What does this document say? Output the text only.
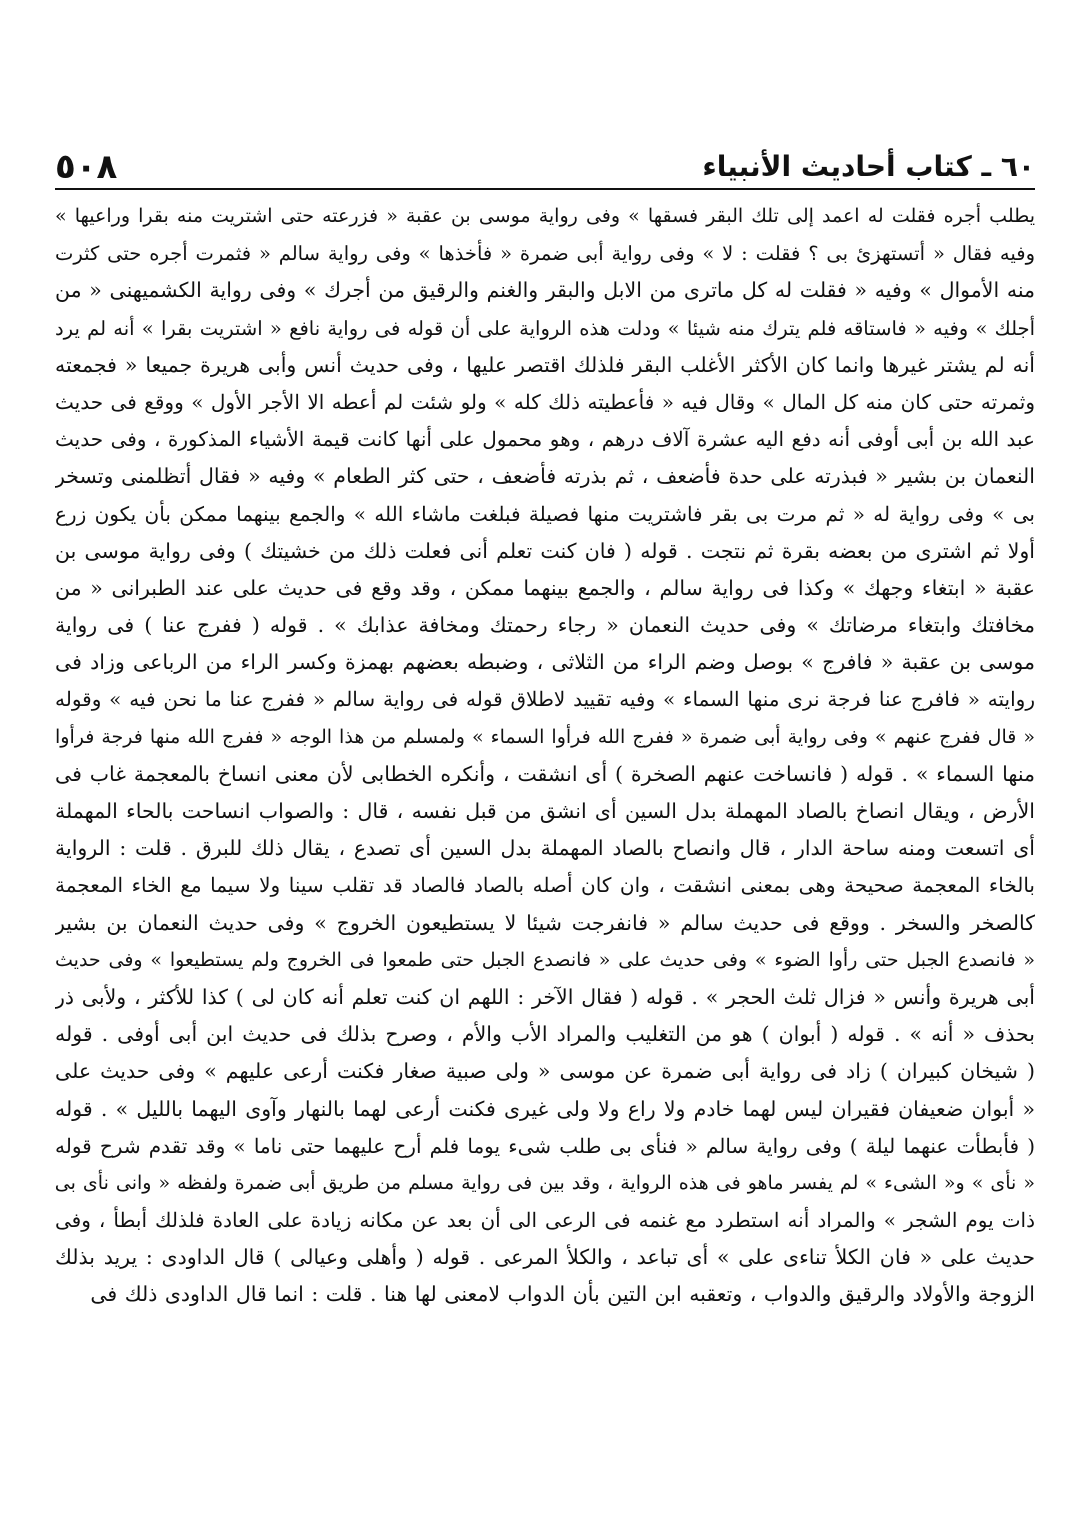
٦٠ ـ كتاب أحاديث الأنبياء
٥٠٨
يطلب أجره فقلت له اعمد إلى تلك البقر فسقها » وفى رواية موسى بن عقبة « فزرعته حتى اشتريت منه بقرا وراعيها »
وفيه فقال « أتستهزئ بى ؟ فقلت : لا » وفى رواية أبى ضمرة « فأخذها » وفى رواية سالم « فثمرت أجره حتى كثرت
منه الأموال » وفيه « فقلت له كل ماترى من الابل والبقر والغنم والرقيق من أجرك » وفى رواية الكشميهنى « من
أجلك » وفيه « فاستاقه فلم يترك منه شيئا » ودلت هذه الرواية على أن قوله فى رواية نافع « اشتريت بقرا » أنه لم يرد
أنه لم يشتر غيرها وانما كان الأكثر الأغلب البقر فلذلك اقتصر عليها ، وفى حديث أنس وأبى هريرة جميعا « فجمعته
وثمرته حتى كان منه كل المال » وقال فيه « فأعطيته ذلك كله » ولو شئت لم أعطه الا الأجر الأول » ووقع فى حديث
عبد الله بن أبى أوفى أنه دفع اليه عشرة آلاف درهم ، وهو محمول على أنها كانت قيمة الأشياء المذكورة ، وفى حديث
النعمان بن بشير « فبذرته على حدة فأضعف ، ثم بذرته فأضعف ، حتى كثر الطعام » وفيه « فقال أتظلمنى وتسخر
بى » وفى رواية له « ثم مرت بى بقر فاشتريت منها فصيلة فبلغت ماشاء الله » والجمع بينهما ممكن بأن يكون زرع
أولا ثم اشترى من بعضه بقرة ثم نتجت . قوله ( فان كنت تعلم أنى فعلت ذلك من خشيتك ) وفى رواية موسى بن
عقبة « ابتغاء وجهك » وكذا فى رواية سالم ، والجمع بينهما ممكن ، وقد وقع فى حديث على عند الطبرانى « من
مخافتك وابتغاء مرضاتك » وفى حديث النعمان « رجاء رحمتك ومخافة عذابك » . قوله ( ففرج عنا ) فى رواية
موسى بن عقبة « فافرج » بوصل وضم الراء من الثلاثى ، وضبطه بعضهم بهمزة وكسر الراء من الرباعى وزاد فى
روايته « فافرج عنا فرجة نرى منها السماء » وفيه تقييد لاطلاق قوله فى رواية سالم « ففرج عنا ما نحن فيه » وقوله
« قال ففرج عنهم » وفى رواية أبى ضمرة « ففرج الله فرأوا السماء » ولمسلم من هذا الوجه « ففرج الله منها فرجة فرأوا
منها السماء » . قوله ( فانساخت عنهم الصخرة ) أى انشقت ، وأنكره الخطابى لأن معنى انساخ بالمعجمة غاب فى
الأرض ، ويقال انصاخ بالصاد المهملة بدل السين أى انشق من قبل نفسه ، قال : والصواب انساحت بالحاء المهملة
أى اتسعت ومنه ساحة الدار ، قال وانصاح بالصاد المهملة بدل السين أى تصدع ، يقال ذلك للبرق . قلت : الرواية
بالخاء المعجمة صحيحة وهى بمعنى انشقت ، وان كان أصله بالصاد فالصاد قد تقلب سينا ولا سيما مع الخاء المعجمة
كالصخر والسخر . ووقع فى حديث سالم « فانفرجت شيئا لا يستطيعون الخروج » وفى حديث النعمان بن بشير
« فانصدع الجبل حتى رأوا الضوء » وفى حديث على « فانصدع الجبل حتى طمعوا فى الخروج ولم يستطيعوا » وفى حديث
أبى هريرة وأنس « فزال ثلث الحجر » . قوله ( فقال الآخر : اللهم ان كنت تعلم أنه كان لى ) كذا للأكثر ، ولأبى ذر
بحذف « أنه » . قوله ( أبوان ) هو من التغليب والمراد الأب والأم ، وصرح بذلك فى حديث ابن أبى أوفى . قوله
( شيخان كبيران ) زاد فى رواية أبى ضمرة عن موسى « ولى صبية صغار فكنت أرعى عليهم » وفى حديث على
« أبوان ضعيفان فقيران ليس لهما خادم ولا راع ولا ولى غيرى فكنت أرعى لهما بالنهار وآوى اليهما بالليل » . قوله
( فأبطأت عنهما ليلة ) وفى رواية سالم « فنأى بى طلب شىء يوما فلم أرح عليهما حتى ناما » وقد تقدم شرح قوله
« نأى » و« الشىء » لم يفسر ماهو فى هذه الرواية ، وقد بين فى رواية مسلم من طريق أبى ضمرة ولفظه « وانى نأى بى
ذات يوم الشجر » والمراد أنه استطرد مع غنمه فى الرعى الى أن بعد عن مكانه زيادة على العادة فلذلك أبطأ ، وفى
حديث على « فان الكلأ تناءى على » أى تباعد ، والكلأ المرعى . قوله ( وأهلى وعيالى ) قال الداودى : يريد بذلك
الزوجة والأولاد والرقيق والدواب ، وتعقبه ابن التين بأن الدواب لامعنى لها هنا . قلت : انما قال الداودى ذلك فى
